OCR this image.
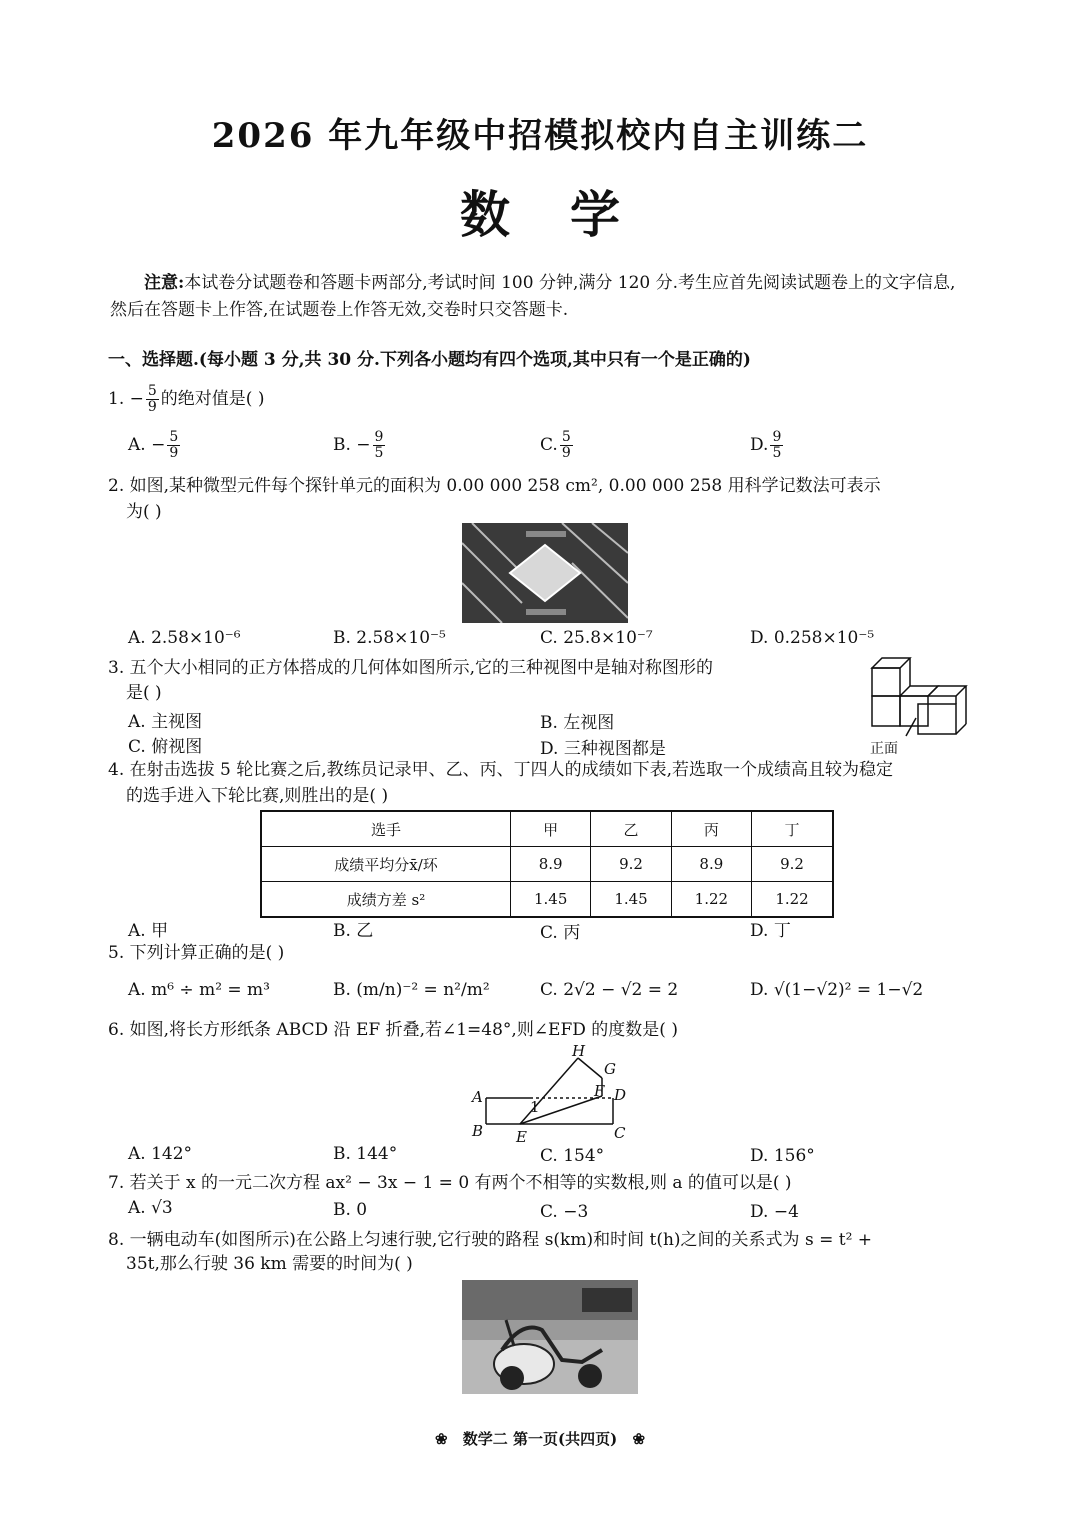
2026 年九年级中招模拟校内自主训练二
数学
注意:本试卷分试题卷和答题卡两部分,考试时间 100 分钟,满分 120 分.考生应首先阅读试题卷上的文字信息,然后在答题卡上作答,在试题卷上作答无效,交卷时只交答题卡.
一、选择题.(每小题 3 分,共 30 分.下列各小题均有四个选项,其中只有一个是正确的)
1. − $\frac{5}{9}$ 的绝对值是( )
A. − $\frac{5}{9}$	B. − $\frac{9}{5}$	C. $\frac{5}{9}$	D. $\frac{9}{5}$
2. 如图,某种微型元件每个探针单元的面积为 0.00 000 258 cm², 0.00 000 258 用科学记数法可表示
为( )
A. 2.58×10⁻⁶	B. 2.58×10⁻⁵	C. 25.8×10⁻⁷	D. 0.258×10⁻⁵
3. 五个大小相同的正方体搭成的几何体如图所示,它的三种视图中是轴对称图形的
是( )
A. 主视图	B. 左视图
C. 俯视图	D. 三种视图都是	正面
4. 在射击选拔 5 轮比赛之后,教练员记录甲、乙、丙、丁四人的成绩如下表,若选取一个成绩高且较为稳定
的选手进入下轮比赛,则胜出的是( )
选手	甲	乙	丙	丁
成绩平均分x̄/环	8.9	9.2	8.9	9.2
成绩方差 s²	1.45	1.45	1.22	1.22
A. 甲	B. 乙	C. 丙	D. 丁
5. 下列计算正确的是( )
A. m⁶ ÷ m² = m³	B. (m/n)⁻² = n²/m²	C. 2√2 − √2 = 2	D. √(1−√2)² = 1−√2
6. 如图,将长方形纸条 ABCD 沿 EF 折叠,若∠1=48°,则∠EFD 的度数是( )
A
B	C
D
E
F
G
H
1
A. 142°	B. 144°	C. 154°	D. 156°
7. 若关于 x 的一元二次方程 ax² − 3x − 1 = 0 有两个不相等的实数根,则 a 的值可以是( )
A. √3	B. 0	C. −3	D. −4
8. 一辆电动车(如图所示)在公路上匀速行驶,它行驶的路程 s(km)和时间 t(h)之间的关系式为 s = t² +
35t,那么行驶 36 km 需要的时间为( )
❀ 数学二 第一页(共四页) ❀
